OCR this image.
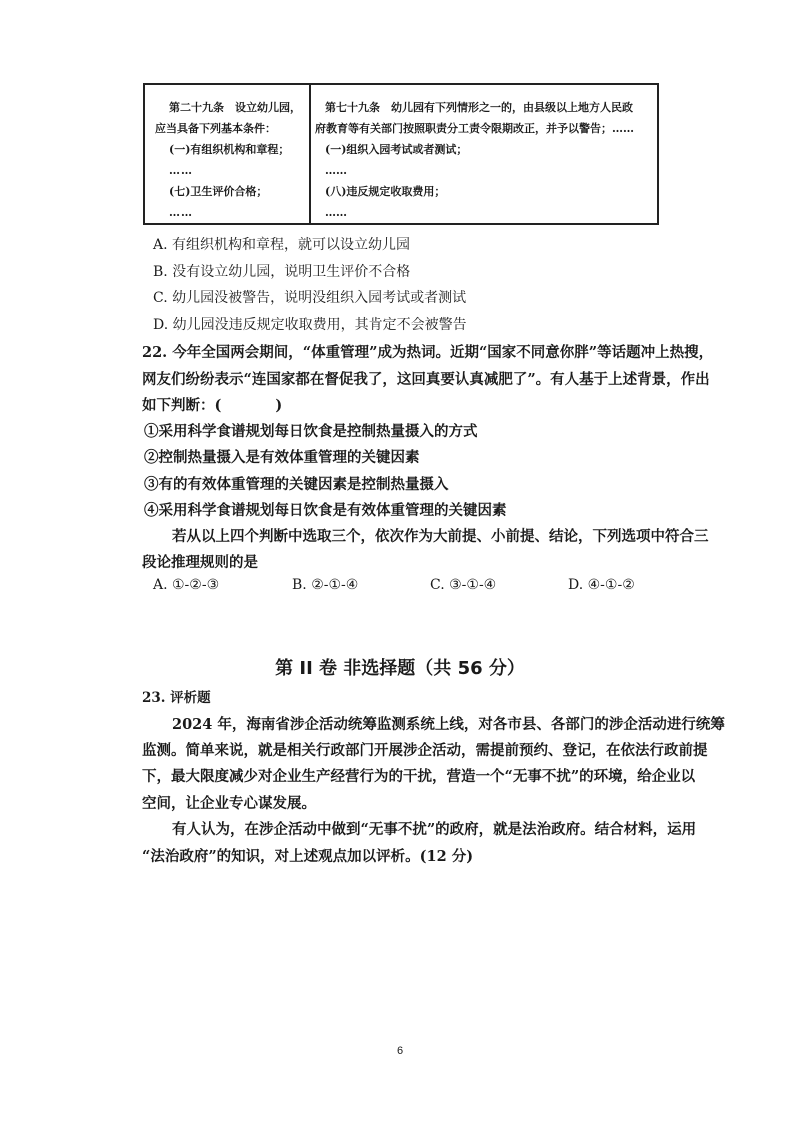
第二十九条　设立幼儿园，
应当具备下列基本条件：
(一)有组织机构和章程；
……
(七)卫生评价合格；
……
第七十九条　幼儿园有下列情形之一的，由县级以上地方人民政
府教育等有关部门按照职责分工责令限期改正，并予以警告；……
(一)组织入园考试或者测试；
……
(八)违反规定收取费用；
……
A. 有组织机构和章程，就可以设立幼儿园
B. 没有设立幼儿园，说明卫生评价不合格
C. 幼儿园没被警告，说明没组织入园考试或者测试
D. 幼儿园没违反规定收取费用，其肯定不会被警告
22. 今年全国两会期间，“体重管理”成为热词。近期“国家不同意你胖”等话题冲上热搜，
网友们纷纷表示“连国家都在督促我了，这回真要认真减肥了”。有人基于上述背景，作出
如下判断：(	)
①采用科学食谱规划每日饮食是控制热量摄入的方式
②控制热量摄入是有效体重管理的关键因素
③有的有效体重管理的关键因素是控制热量摄入
④采用科学食谱规划每日饮食是有效体重管理的关键因素
若从以上四个判断中选取三个，依次作为大前提、小前提、结论，下列选项中符合三
段论推理规则的是
A. ①-②-③	B. ②-①-④	C. ③-①-④	D. ④-①-②
第 II 卷 非选择题（共 56 分）
23. 评析题
2024 年，海南省涉企活动统筹监测系统上线，对各市县、各部门的涉企活动进行统筹
监测。简单来说，就是相关行政部门开展涉企活动，需提前预约、登记，在依法行政前提
下，最大限度减少对企业生产经营行为的干扰，营造一个“无事不扰”的环境，给企业以
空间，让企业专心谋发展。
有人认为，在涉企活动中做到“无事不扰”的政府，就是法治政府。结合材料，运用
“法治政府”的知识，对上述观点加以评析。(12 分)
6
